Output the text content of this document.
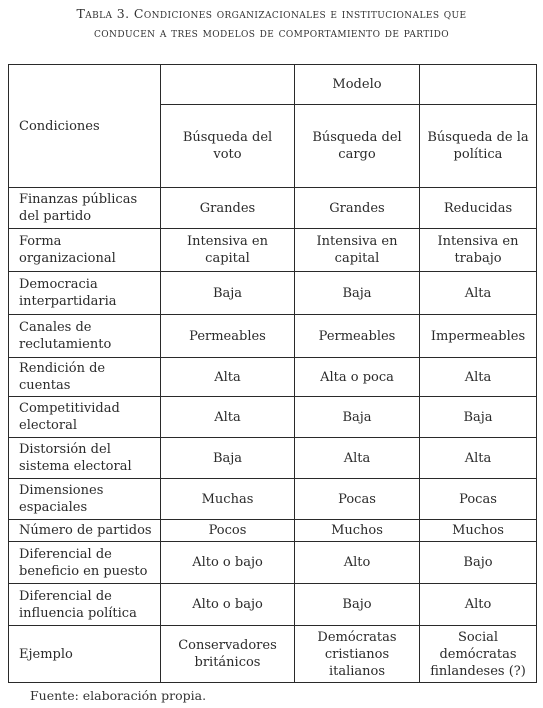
Tabla 3. Condiciones organizacionales e institucionales que
conducen a tres modelos de comportamiento de partido
Condiciones		Modelo	
	Búsqueda del voto	Búsqueda del cargo	Búsqueda de la política
Finanzas públicas del partido	Grandes	Grandes	Reducidas
Forma organizacional	Intensiva en capital	Intensiva en capital	Intensiva en trabajo
Democracia interpartidaria	Baja	Baja	Alta
Canales de reclutamiento	Permeables	Permeables	Impermeables
Rendición de cuentas	Alta	Alta o poca	Alta
Competitividad electoral	Alta	Baja	Baja
Distorsión del sistema electoral	Baja	Alta	Alta
Dimensiones espaciales	Muchas	Pocas	Pocas
Número de partidos	Pocos	Muchos	Muchos
Diferencial de beneficio en puesto	Alto o bajo	Alto	Bajo
Diferencial de influencia política	Alto o bajo	Bajo	Alto
Ejemplo	Conservadores británicos	Demócratas cristianos italianos	Social demócratas finlandeses (?)
Fuente: elaboración propia.
